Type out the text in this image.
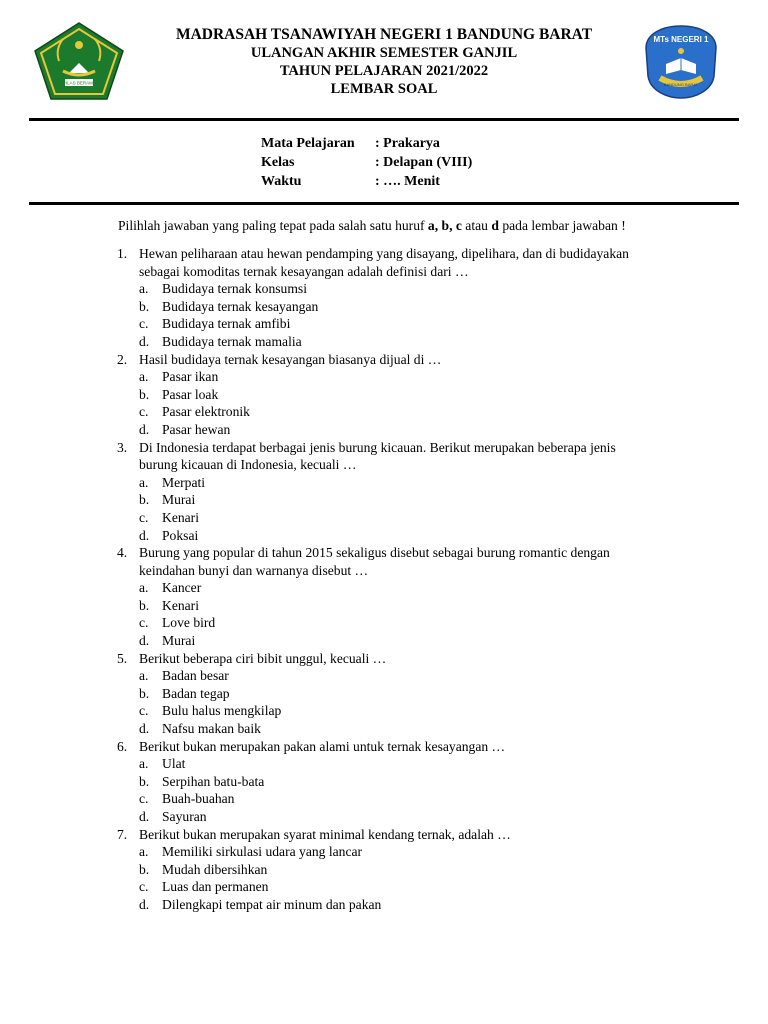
IKHLAS BERAMAL
MADRASAH TSANAWIYAH NEGERI 1 BANDUNG BARAT
ULANGAN AKHIR SEMESTER GANJIL
TAHUN PELAJARAN 2021/2022
LEMBAR SOAL
MTs NEGERI 1
BANDUNG BARAT
Mata Pelajaran	: Prakarya
Kelas	: Delapan (VIII)
Waktu	: …. Menit
Pilihlah jawaban yang paling tepat pada salah satu huruf a, b, c atau d pada lembar jawaban !
1. Hewan peliharaan atau hewan pendamping yang disayang, dipelihara, dan di budidayakan
sebagai komoditas ternak kesayangan adalah definisi dari …
a. Budidaya ternak konsumsi
b. Budidaya ternak kesayangan
c. Budidaya ternak amfibi
d. Budidaya ternak mamalia
2. Hasil budidaya ternak kesayangan biasanya dijual di …
a. Pasar ikan
b. Pasar loak
c. Pasar elektronik
d. Pasar hewan
3. Di Indonesia terdapat berbagai jenis burung kicauan. Berikut merupakan beberapa jenis
burung kicauan di Indonesia, kecuali …
a. Merpati
b. Murai
c. Kenari
d. Poksai
4. Burung yang popular di tahun 2015 sekaligus disebut sebagai burung romantic dengan
keindahan bunyi dan warnanya disebut …
a. Kancer
b. Kenari
c. Love bird
d. Murai
5. Berikut beberapa ciri bibit unggul, kecuali …
a. Badan besar
b. Badan tegap
c. Bulu halus mengkilap
d. Nafsu makan baik
6. Berikut bukan merupakan pakan alami untuk ternak kesayangan …
a. Ulat
b. Serpihan batu-bata
c. Buah-buahan
d. Sayuran
7. Berikut bukan merupakan syarat minimal kendang ternak, adalah …
a. Memiliki sirkulasi udara yang lancar
b. Mudah dibersihkan
c. Luas dan permanen
d. Dilengkapi tempat air minum dan pakan
